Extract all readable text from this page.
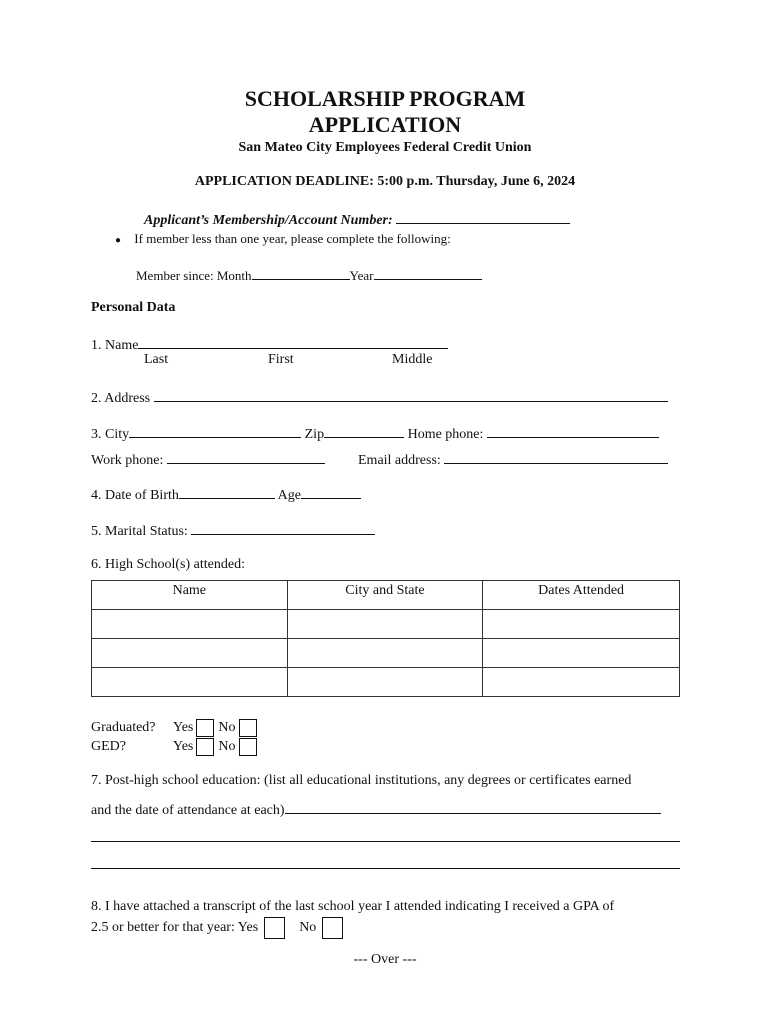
SCHOLARSHIP PROGRAM
APPLICATION
San Mateo City Employees Federal Credit Union
APPLICATION DEADLINE: 5:00 p.m. Thursday, June 6, 2024
Applicant’s Membership/Account Number:
● If member less than one year, please complete the following:
Member since: Month	Year
Personal Data
1. Name
Last	First	Middle
2. Address
3. City	Zip	Home phone:
Work phone:	Email address:
4. Date of Birth	Age
5. Marital Status:
6. High School(s) attended:
Name	City and State	Dates Attended

Graduated? Yes No
GED?	Yes No
7. Post-high school education: (list all educational institutions, any degrees or certificates earned
and the date of attendance at each)
8. I have attached a transcript of the last school year I attended indicating I received a GPA of
2.5 or better for that year: Yes	No
--- Over ---
